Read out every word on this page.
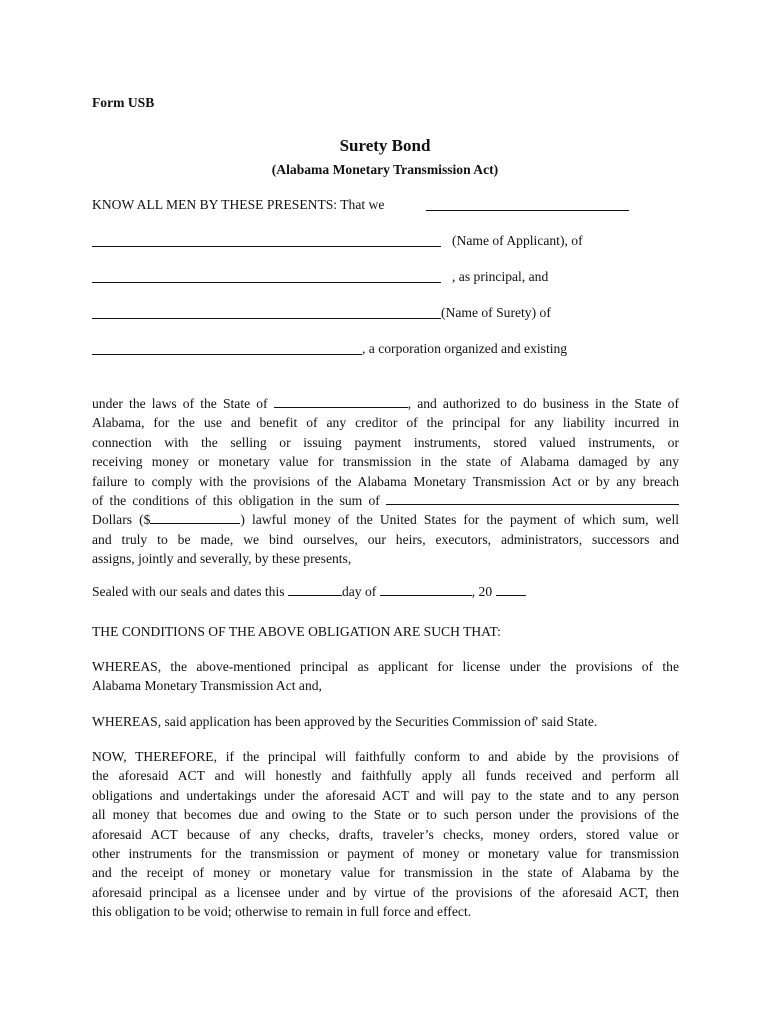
Form USB
Surety Bond
(Alabama Monetary Transmission Act)
KNOW ALL MEN BY THESE PRESENTS: That we
(Name of Applicant), of
, as principal, and
(Name of Surety) of
, a corporation organized and existing
under the laws of the State of	, and authorized to do business in the State of
Alabama, for the use and benefit of any creditor of the principal for any liability incurred in
connection with the selling or issuing payment instruments, stored valued instruments, or
receiving money or monetary value for transmission in the state of Alabama damaged by any
failure to comply with the provisions of the Alabama Monetary Transmission Act or by any breach
of the conditions of this obligation in the sum of
Dollars ($	) lawful money of the United States for the payment of which sum, well
and truly to be made, we bind ourselves, our heirs, executors, administrators, successors and
assigns, jointly and severally, by these presents,
Sealed with our seals and dates this	day of	, 20
THE CONDITIONS OF THE ABOVE OBLIGATION ARE SUCH THAT:
WHEREAS, the above-mentioned principal as applicant for license under the provisions of the
Alabama Monetary Transmission Act and,
WHEREAS, said application has been approved by the Securities Commission of' said State.
NOW, THEREFORE, if the principal will faithfully conform to and abide by the provisions of
the aforesaid ACT and will honestly and faithfully apply all funds received and perform all
obligations and undertakings under the aforesaid ACT and will pay to the state and to any person
all money that becomes due and owing to the State or to such person under the provisions of the
aforesaid ACT because of any checks, drafts, traveler’s checks, money orders, stored value or
other instruments for the transmission or payment of money or monetary value for transmission
and the receipt of money or monetary value for transmission in the state of Alabama by the
aforesaid principal as a licensee under and by virtue of the provisions of the aforesaid ACT, then
this obligation to be void; otherwise to remain in full force and effect.
